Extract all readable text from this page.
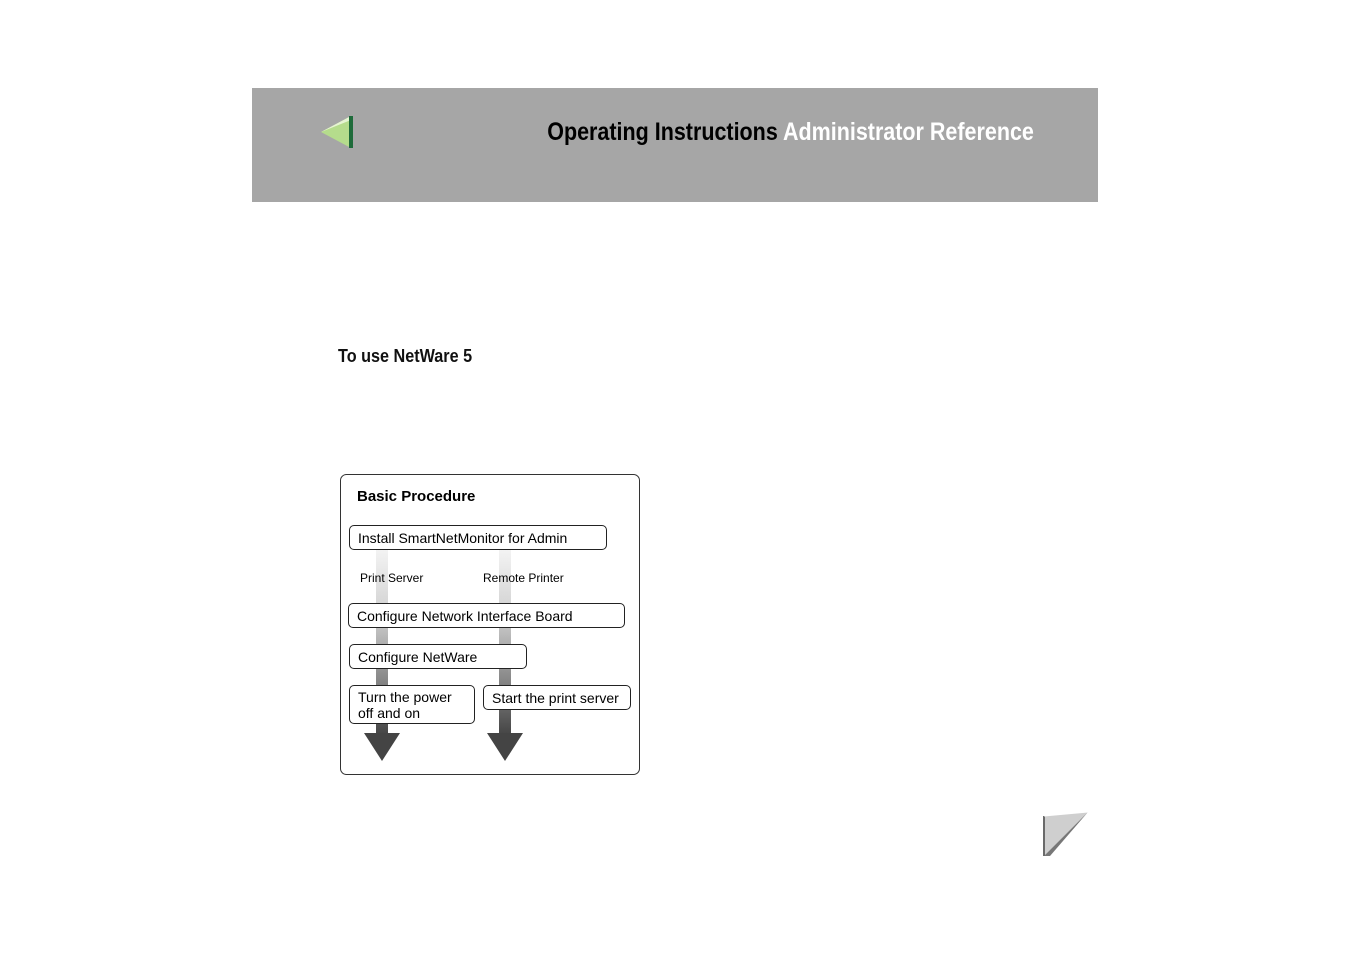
Operating Instructions Administrator Reference
To use NetWare 5
Basic Procedure
Install SmartNetMonitor for Admin
Print Server	Remote Printer
Configure Network Interface Board
Configure NetWare
Turn the power
off and on
Start the print server
